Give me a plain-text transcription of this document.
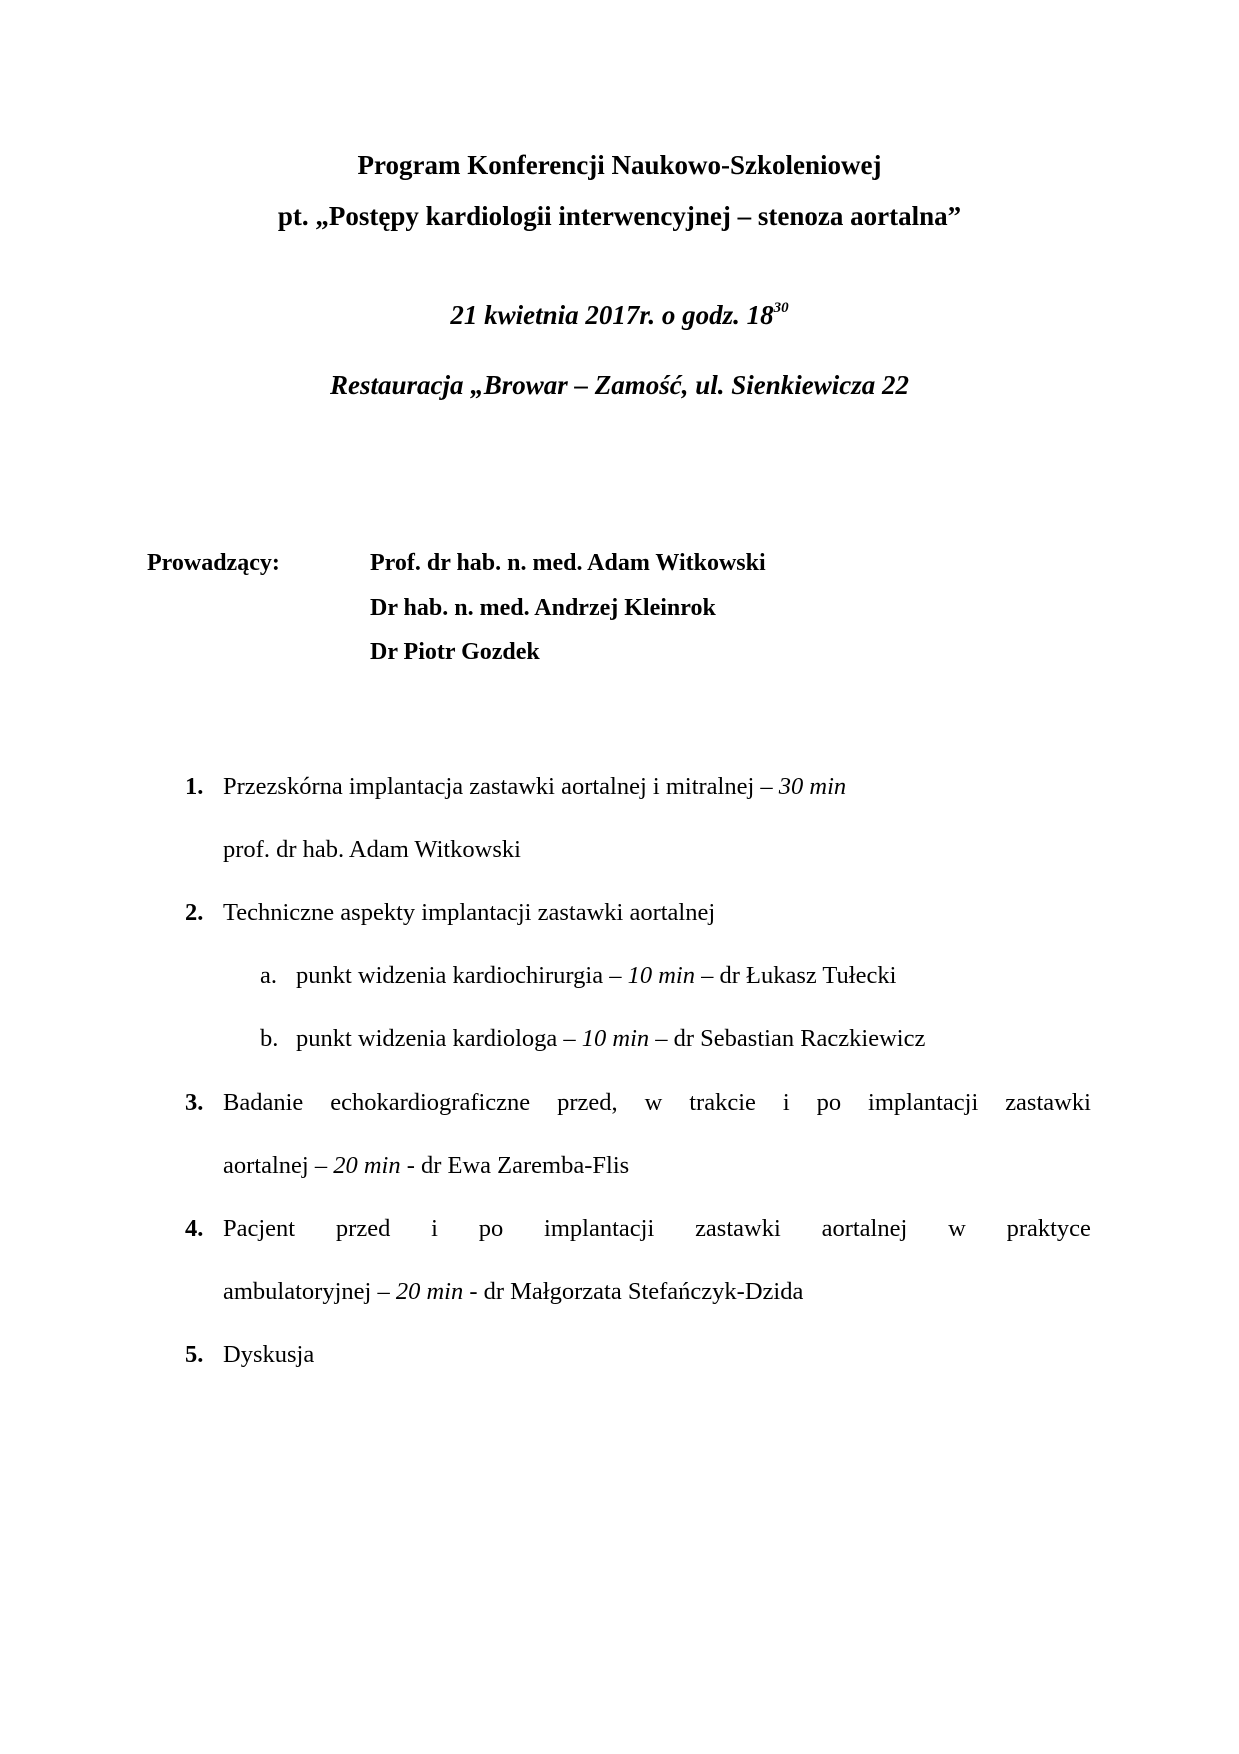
Program Konferencji Naukowo-Szkoleniowej
pt. „Postępy kardiologii interwencyjnej – stenoza aortalna”
21 kwietnia 2017r. o godz. $18^{30}$
Restauracja „Browar – Zamość, ul. Sienkiewicza 22
Prowadzący:	Prof. dr hab. n. med. Adam Witkowski
Dr hab. n. med. Andrzej Kleinrok
Dr Piotr Gozdek
1. Przezskórna implantacja zastawki aortalnej i mitralnej – 30 min
prof. dr hab. Adam Witkowski
2. Techniczne aspekty implantacji zastawki aortalnej
a. punkt widzenia kardiochirurgia – 10 min – dr Łukasz Tułecki
b. punkt widzenia kardiologa – 10 min – dr Sebastian Raczkiewicz
3. Badanie echokardiograficzne przed, w trakcie i po implantacji zastawki
aortalnej – 20 min - dr Ewa Zaremba-Flis
4. Pacjent przed i po implantacji zastawki aortalnej w praktyce
ambulatoryjnej – 20 min - dr Małgorzata Stefańczyk-Dzida
5. Dyskusja
